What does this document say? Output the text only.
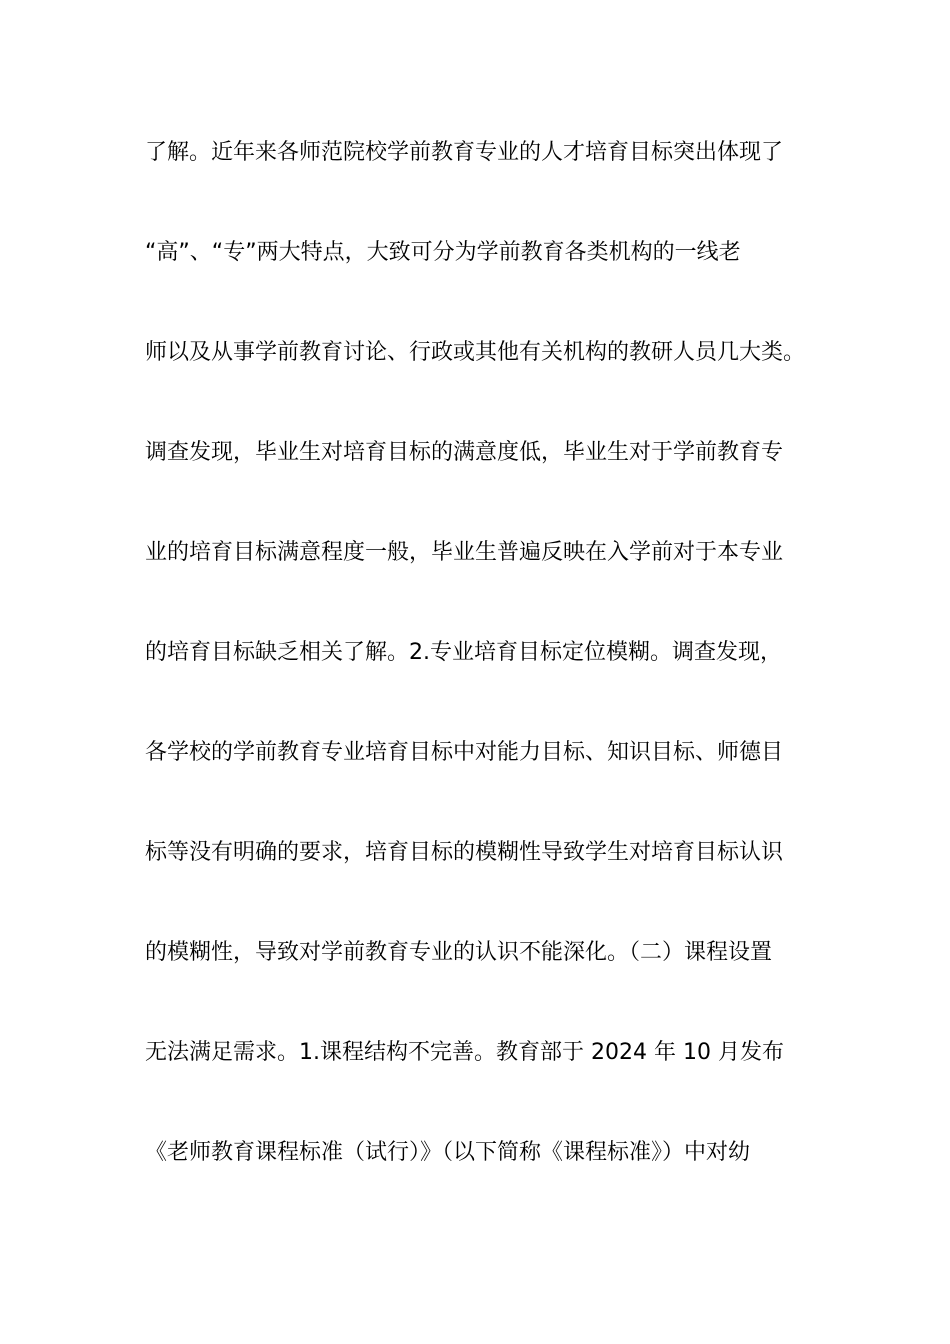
了解。近年来各师范院校学前教育专业的人才培育目标突出体现了
“高”、“专”两大特点，大致可分为学前教育各类机构的一线老
师以及从事学前教育讨论、行政或其他有关机构的教研人员几大类。
调查发现，毕业生对培育目标的满意度低，毕业生对于学前教育专
业的培育目标满意程度一般，毕业生普遍反映在入学前对于本专业
的培育目标缺乏相关了解。2.专业培育目标定位模糊。调查发现，
各学校的学前教育专业培育目标中对能力目标、知识目标、师德目
标等没有明确的要求，培育目标的模糊性导致学生对培育目标认识
的模糊性，导致对学前教育专业的认识不能深化。（二）课程设置
无法满足需求。1.课程结构不完善。教育部于 2024 年 10 月发布
《老师教育课程标准（试行）》（以下简称《课程标准》）中对幼
